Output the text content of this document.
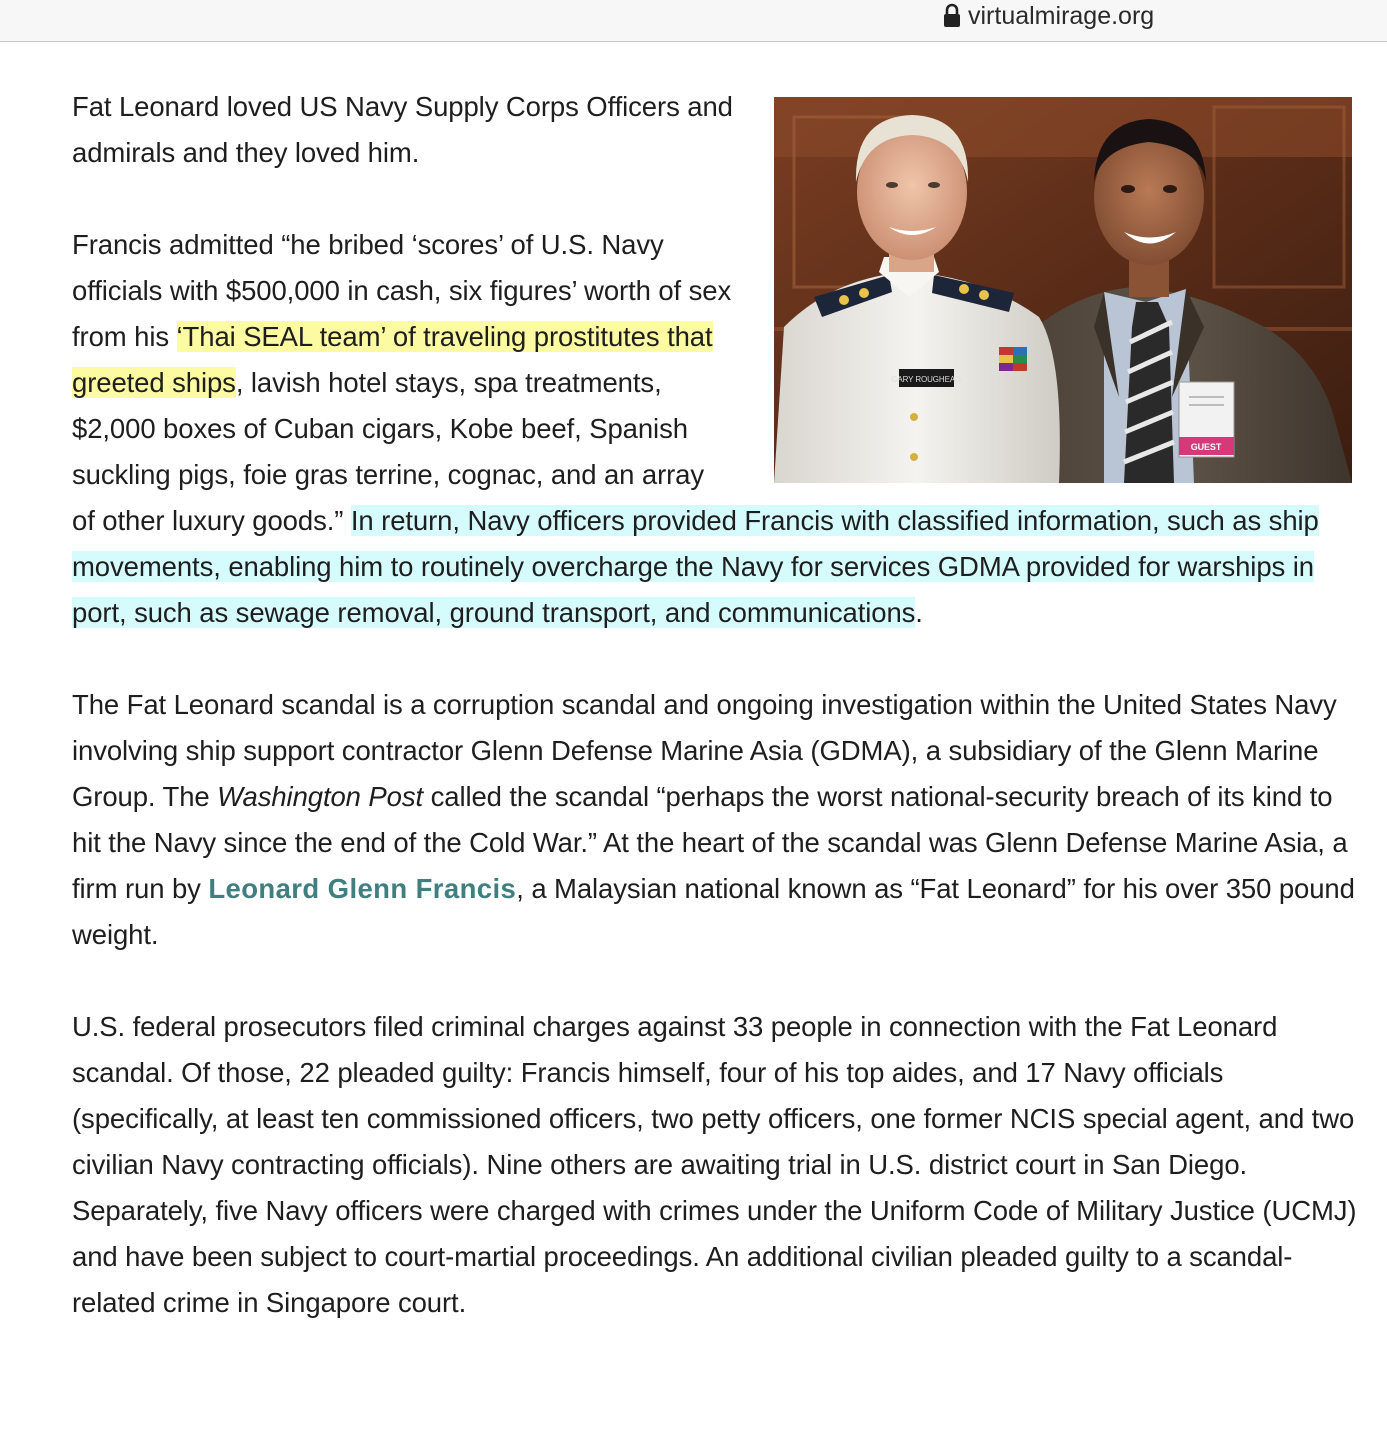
virtualmirage.org
GUEST
GARY ROUGHEAD

Fat Leonard loved US Navy Supply Corps Officers and admirals and they loved him.

Francis admitted “he bribed ‘scores’ of U.S. Navy officials with $500,000 in cash, six figures’ worth of sex from his ‘Thai SEAL team’ of traveling prostitutes that greeted ships, lavish hotel stays, spa treatments, $2,000 boxes of Cuban cigars, Kobe beef, Spanish suckling pigs, foie gras terrine, cognac, and an array of other luxury goods.” In return, Navy officers provided Francis with classified information, such as ship movements, enabling him to routinely overcharge the Navy for services GDMA provided for warships in port, such as sewage removal, ground transport, and communications.

The Fat Leonard scandal is a corruption scandal and ongoing investigation within the United States Navy involving ship support contractor Glenn Defense Marine Asia (GDMA), a subsidiary of the Glenn Marine Group. The Washington Post called the scandal “perhaps the worst national-security breach of its kind to hit the Navy since the end of the Cold War.” At the heart of the scandal was Glenn Defense Marine Asia, a firm run by Leonard Glenn Francis, a Malaysian national known as “Fat Leonard” for his over 350 pound weight.

U.S. federal prosecutors filed criminal charges against 33 people in connection with the Fat Leonard scandal. Of those, 22 pleaded guilty: Francis himself, four of his top aides, and 17 Navy officials (specifically, at least ten commissioned officers, two petty officers, one former NCIS special agent, and two civilian Navy contracting officials). Nine others are awaiting trial in U.S. district court in San Diego. Separately, five Navy officers were charged with crimes under the Uniform Code of Military Justice (UCMJ) and have been subject to court-martial proceedings. An additional civilian pleaded guilty to a scandal-related crime in Singapore court.
